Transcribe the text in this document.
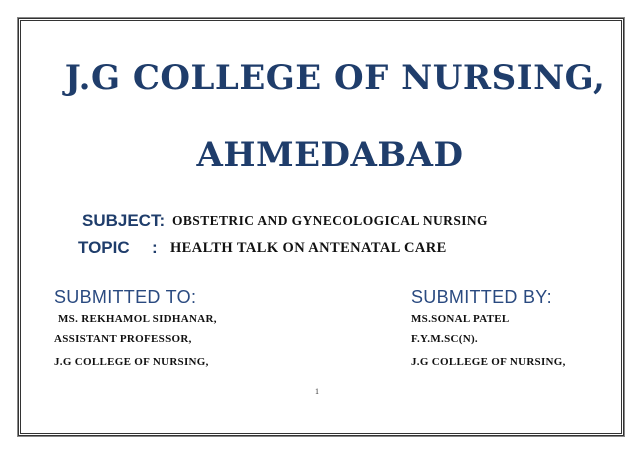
J.G COLLEGE OF NURSING,
AHMEDABAD
SUBJECT: OBSTETRIC AND GYNECOLOGICAL NURSING
TOPIC : HEALTH TALK ON ANTENATAL CARE
SUBMITTED TO:
MS. REKHAMOL SIDHANAR,
ASSISTANT PROFESSOR,
J.G COLLEGE OF NURSING,
SUBMITTED BY:
MS.SONAL PATEL
F.Y.M.SC(N).
J.G COLLEGE OF NURSING,
1
